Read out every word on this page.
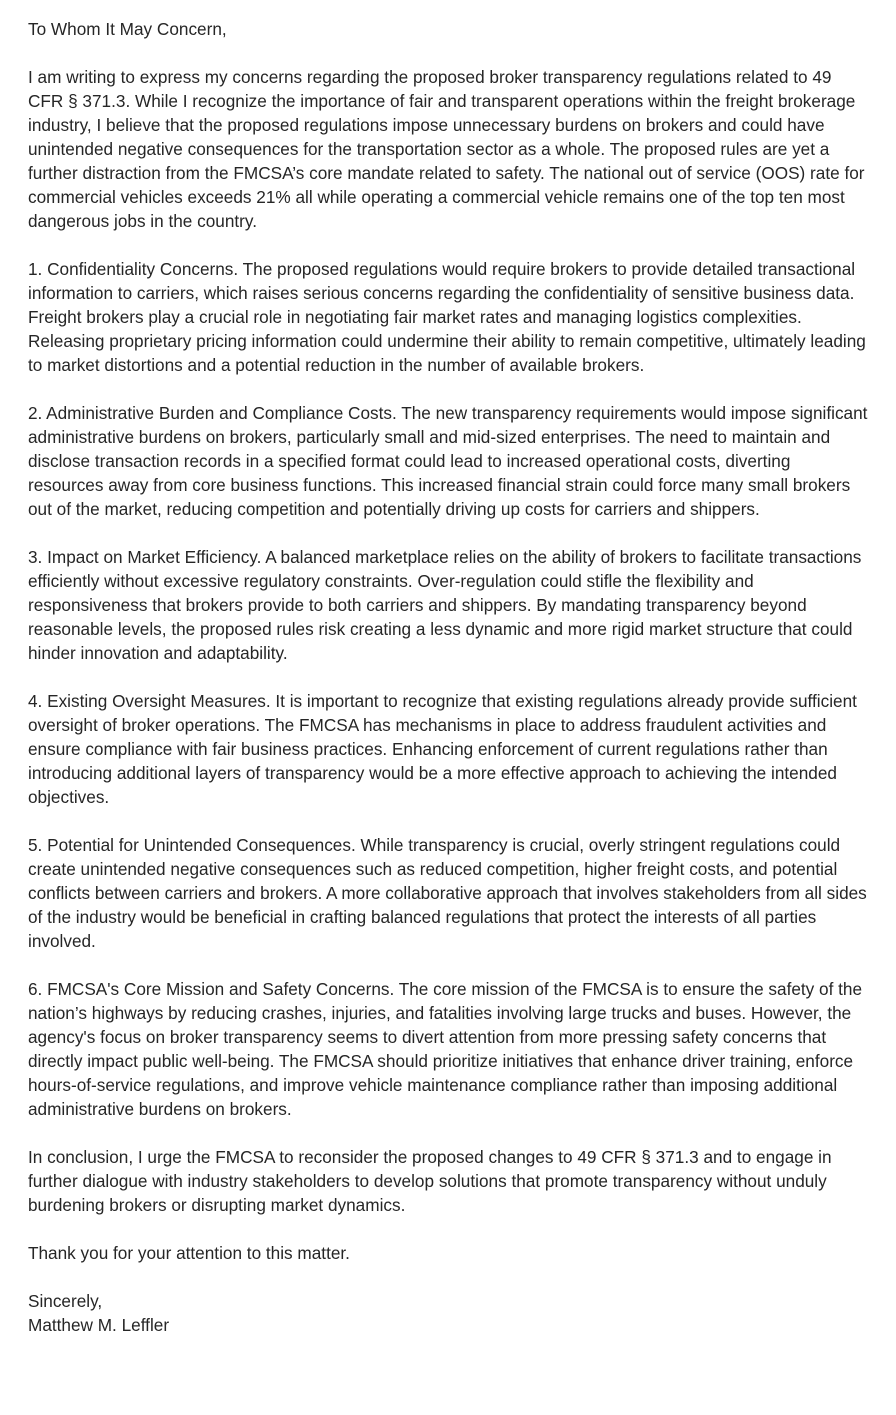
To Whom It May Concern,

I am writing to express my concerns regarding the proposed broker transparency regulations related to 49 CFR § 371.3. While I recognize the importance of fair and transparent operations within the freight brokerage industry, I believe that the proposed regulations impose unnecessary burdens on brokers and could have unintended negative consequences for the transportation sector as a whole. The proposed rules are yet a further distraction from the FMCSA’s core mandate related to safety. The national out of service (OOS) rate for commercial vehicles exceeds 21% all while operating a commercial vehicle remains one of the top ten most dangerous jobs in the country.

1. Confidentiality Concerns. The proposed regulations would require brokers to provide detailed transactional information to carriers, which raises serious concerns regarding the confidentiality of sensitive business data. Freight brokers play a crucial role in negotiating fair market rates and managing logistics complexities. Releasing proprietary pricing information could undermine their ability to remain competitive, ultimately leading to market distortions and a potential reduction in the number of available brokers.

2. Administrative Burden and Compliance Costs. The new transparency requirements would impose significant administrative burdens on brokers, particularly small and mid-sized enterprises. The need to maintain and disclose transaction records in a specified format could lead to increased operational costs, diverting resources away from core business functions. This increased financial strain could force many small brokers out of the market, reducing competition and potentially driving up costs for carriers and shippers.

3. Impact on Market Efficiency. A balanced marketplace relies on the ability of brokers to facilitate transactions efficiently without excessive regulatory constraints. Over-regulation could stifle the flexibility and responsiveness that brokers provide to both carriers and shippers. By mandating transparency beyond reasonable levels, the proposed rules risk creating a less dynamic and more rigid market structure that could hinder innovation and adaptability.

4. Existing Oversight Measures. It is important to recognize that existing regulations already provide sufficient oversight of broker operations. The FMCSA has mechanisms in place to address fraudulent activities and ensure compliance with fair business practices. Enhancing enforcement of current regulations rather than introducing additional layers of transparency would be a more effective approach to achieving the intended objectives.

5. Potential for Unintended Consequences. While transparency is crucial, overly stringent regulations could create unintended negative consequences such as reduced competition, higher freight costs, and potential conflicts between carriers and brokers. A more collaborative approach that involves stakeholders from all sides of the industry would be beneficial in crafting balanced regulations that protect the interests of all parties involved.

6. FMCSA's Core Mission and Safety Concerns. The core mission of the FMCSA is to ensure the safety of the nation’s highways by reducing crashes, injuries, and fatalities involving large trucks and buses. However, the agency's focus on broker transparency seems to divert attention from more pressing safety concerns that directly impact public well-being. The FMCSA should prioritize initiatives that enhance driver training, enforce hours-of-service regulations, and improve vehicle maintenance compliance rather than imposing additional administrative burdens on brokers.

In conclusion, I urge the FMCSA to reconsider the proposed changes to 49 CFR § 371.3 and to engage in further dialogue with industry stakeholders to develop solutions that promote transparency without unduly burdening brokers or disrupting market dynamics.

Thank you for your attention to this matter.

Sincerely,
Matthew M. Leffler
